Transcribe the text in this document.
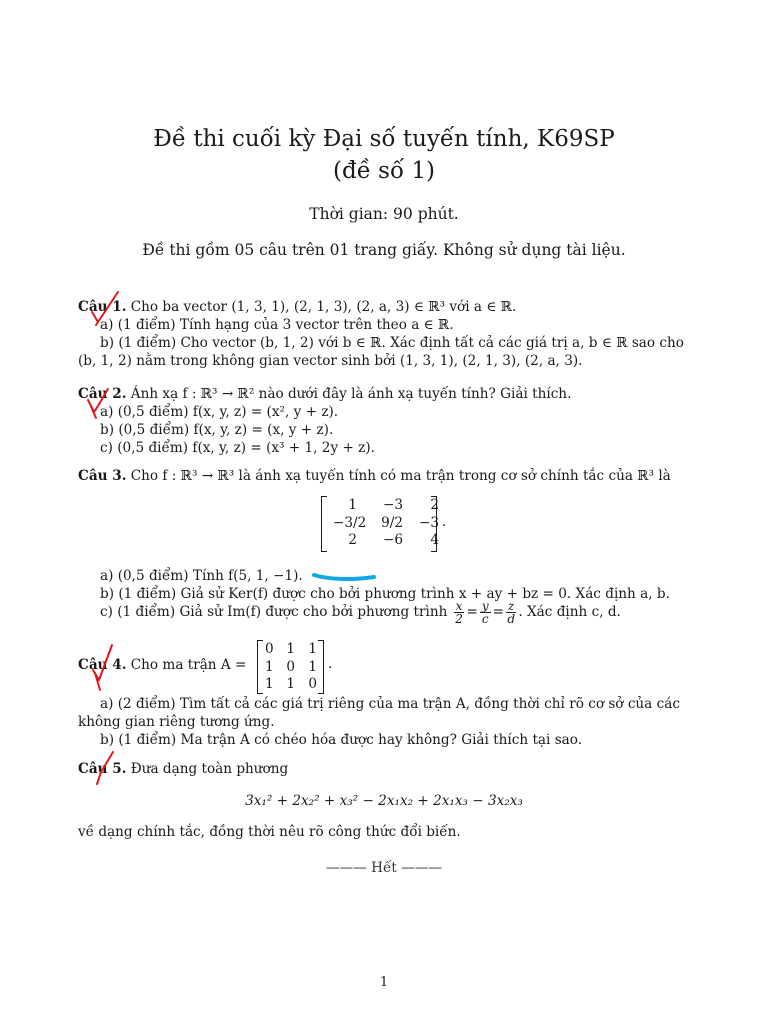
Đề thi cuối kỳ Đại số tuyến tính, K69SP
(đề số 1)
Thời gian: 90 phút.
Đề thi gồm 05 câu trên 01 trang giấy. Không sử dụng tài liệu.
Câu 1. Cho ba vector (1, 3, 1), (2, 1, 3), (2, a, 3) ∈ ℝ³ với a ∈ ℝ.
a) (1 điểm) Tính hạng của 3 vector trên theo a ∈ ℝ.
b) (1 điểm) Cho vector (b, 1, 2) với b ∈ ℝ. Xác định tất cả các giá trị a, b ∈ ℝ sao cho
(b, 1, 2) nằm trong không gian vector sinh bởi (1, 3, 1), (2, 1, 3), (2, a, 3).
Câu 2. Ánh xạ f : ℝ³ → ℝ² nào dưới đây là ánh xạ tuyến tính? Giải thích.
a) (0,5 điểm) f(x, y, z) = (x², y + z).
b) (0,5 điểm) f(x, y, z) = (x, y + z).
c) (0,5 điểm) f(x, y, z) = (x³ + 1, 2y + z).
Câu 3. Cho f : ℝ³ → ℝ³ là ánh xạ tuyến tính có ma trận trong cơ sở chính tắc của ℝ³ là
1	−3	2
−3/2	9/2	−3
2	−6	4
.
a) (0,5 điểm) Tính f(5, 1, −1).
b) (1 điểm) Giả sử Ker(f) được cho bởi phương trình x + ay + bz = 0. Xác định a, b.
c) (1 điểm) Giả sử Im(f) được cho bởi phương trình $\frac{x}{2} = \frac{y}{c} = \frac{z}{d}$ . Xác định c, d.
Câu 4. Cho ma trận A =
0 1 1
1 0 1
1 1 0
.
a) (2 điểm) Tìm tất cả các giá trị riêng của ma trận A, đồng thời chỉ rõ cơ sở của các
không gian riêng tương ứng.
b) (1 điểm) Ma trận A có chéo hóa được hay không? Giải thích tại sao.
Câu 5. Đưa dạng toàn phương
3x₁² + 2x₂² + x₃² − 2x₁x₂ + 2x₁x₃ − 3x₂x₃
về dạng chính tắc, đồng thời nêu rõ công thức đổi biến.
——— Hết ———
1
